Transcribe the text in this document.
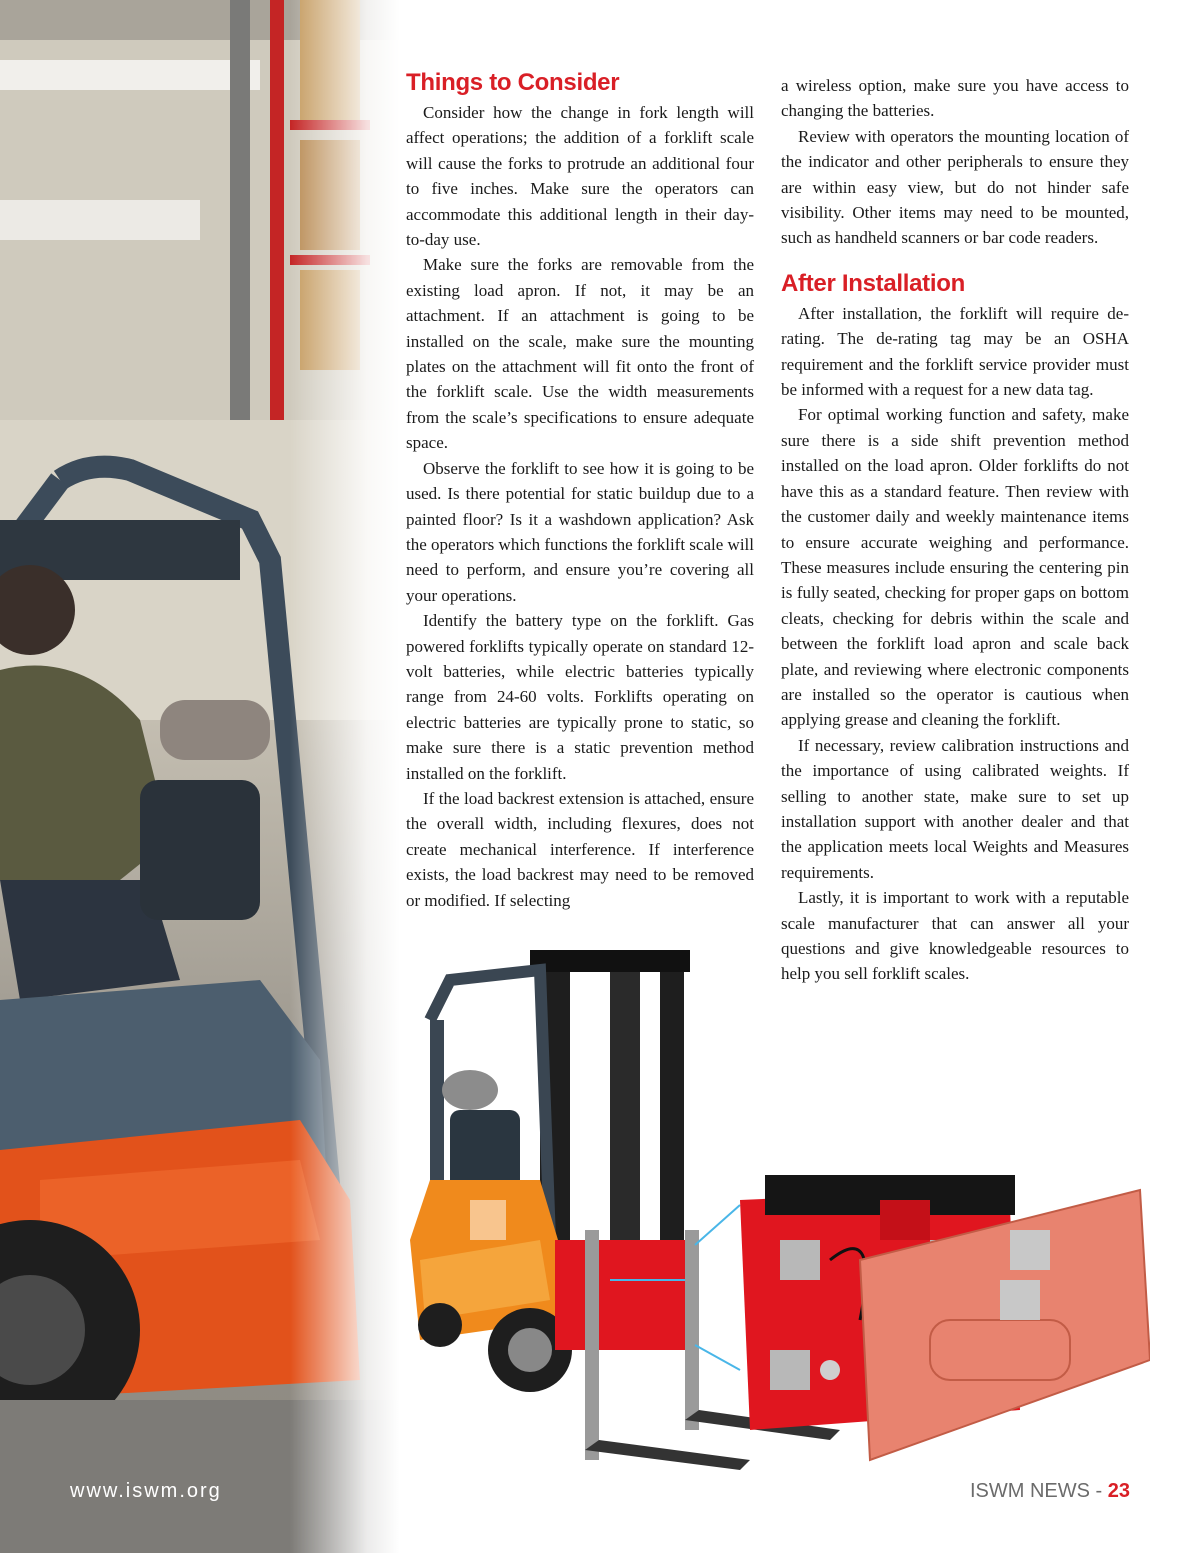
www.iswm.org
Things to Consider

Consider how the change in fork length will affect operations; the addition of a forklift scale will cause the forks to protrude an additional four to five inches. Make sure the operators can accommodate this additional length in their day-to-day use.

Make sure the forks are removable from the existing load apron. If not, it may be an attachment. If an attachment is going to be installed on the scale, make sure the mounting plates on the attachment will fit onto the front of the forklift scale. Use the width measurements from the scale’s specifications to ensure adequate space.

Observe the forklift to see how it is going to be used. Is there potential for static buildup due to a painted floor? Is it a washdown application? Ask the operators which functions the forklift scale will need to perform, and ensure you’re covering all your operations.

Identify the battery type on the forklift. Gas powered forklifts typically operate on standard 12-volt batteries, while electric batteries typically range from 24-60 volts. Forklifts operating on electric batteries are typically prone to static, so make sure there is a static prevention method installed on the forklift.

If the load backrest extension is attached, ensure the overall width, including flexures, does not create mechanical interference. If interference exists, the load backrest may need to be removed or modified. If selecting

a wireless option, make sure you have access to changing the batteries.

Review with operators the mounting location of the indicator and other peripherals to ensure they are within easy view, but do not hinder safe visibility. Other items may need to be mounted, such as handheld scanners or bar code readers.

After Installation

After installation, the forklift will require de-rating. The de-rating tag may be an OSHA requirement and the forklift service provider must be informed with a request for a new data tag.

For optimal working function and safety, make sure there is a side shift prevention method installed on the load apron. Older forklifts do not have this as a standard feature. Then review with the customer daily and weekly maintenance items to ensure accurate weighing and performance. These measures include ensuring the centering pin is fully seated, checking for proper gaps on bottom cleats, checking for debris within the scale and between the forklift load apron and scale back plate, and reviewing where electronic components are installed so the operator is cautious when applying grease and cleaning the forklift.

If necessary, review calibration instructions and the importance of using calibrated weights. If selling to another state, make sure to set up installation support with another dealer and that the application meets local Weights and Measures requirements.

Lastly, it is important to work with a reputable scale manufacturer that can answer all your questions and give knowledgeable resources to help you sell forklift scales.

ISWM NEWS - 23
